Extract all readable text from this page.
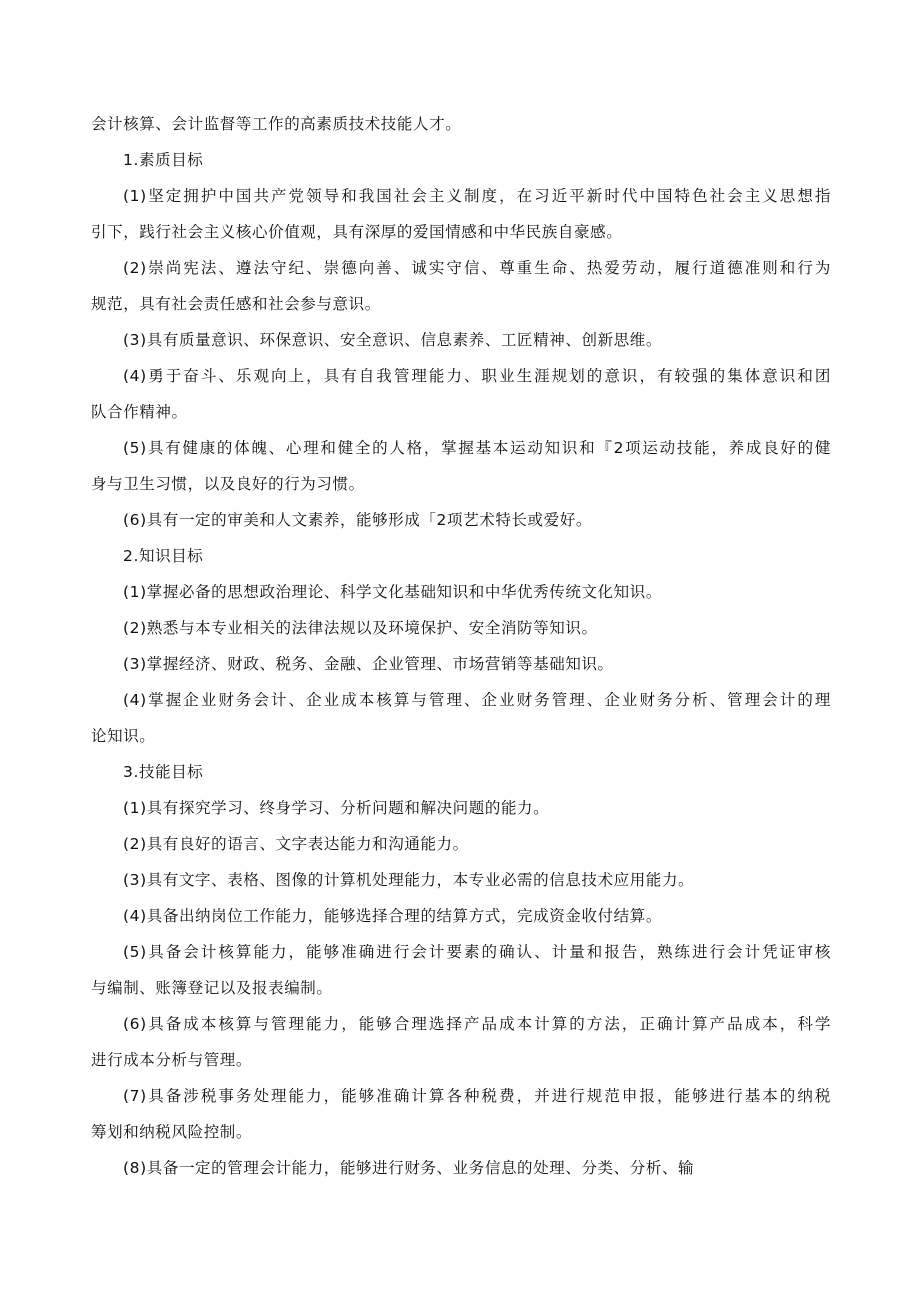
会计核算、会计监督等工作的高素质技术技能人才。
1.素质目标
(1)坚定拥护中国共产党领导和我国社会主义制度，在习近平新时代中国特色社会主义思想指
引下，践行社会主义核心价值观，具有深厚的爱国情感和中华民族自豪感。
(2)崇尚宪法、遵法守纪、崇德向善、诚实守信、尊重生命、热爱劳动，履行道德准则和行为
规范，具有社会责任感和社会参与意识。
(3)具有质量意识、环保意识、安全意识、信息素养、工匠精神、创新思维。
(4)勇于奋斗、乐观向上，具有自我管理能力、职业生涯规划的意识，有较强的集体意识和团
队合作精神。
(5)具有健康的体魄、心理和健全的人格，掌握基本运动知识和『2项运动技能，养成良好的健
身与卫生习惯，以及良好的行为习惯。
(6)具有一定的审美和人文素养，能够形成「2项艺术特长或爱好。
2.知识目标
(1)掌握必备的思想政治理论、科学文化基础知识和中华优秀传统文化知识。
(2)熟悉与本专业相关的法律法规以及环境保护、安全消防等知识。
(3)掌握经济、财政、税务、金融、企业管理、市场营销等基础知识。
(4)掌握企业财务会计、企业成本核算与管理、企业财务管理、企业财务分析、管理会计的理
论知识。
3.技能目标
(1)具有探究学习、终身学习、分析问题和解决问题的能力。
(2)具有良好的语言、文字表达能力和沟通能力。
(3)具有文字、表格、图像的计算机处理能力，本专业必需的信息技术应用能力。
(4)具备出纳岗位工作能力，能够选择合理的结算方式，完成资金收付结算。
(5)具备会计核算能力，能够准确进行会计要素的确认、计量和报告，熟练进行会计凭证审核
与编制、账簿登记以及报表编制。
(6)具备成本核算与管理能力，能够合理选择产品成本计算的方法，正确计算产品成本，科学
进行成本分析与管理。
(7)具备涉税事务处理能力，能够准确计算各种税费，并进行规范申报，能够进行基本的纳税
筹划和纳税风险控制。
(8)具备一定的管理会计能力，能够进行财务、业务信息的处理、分类、分析、输
